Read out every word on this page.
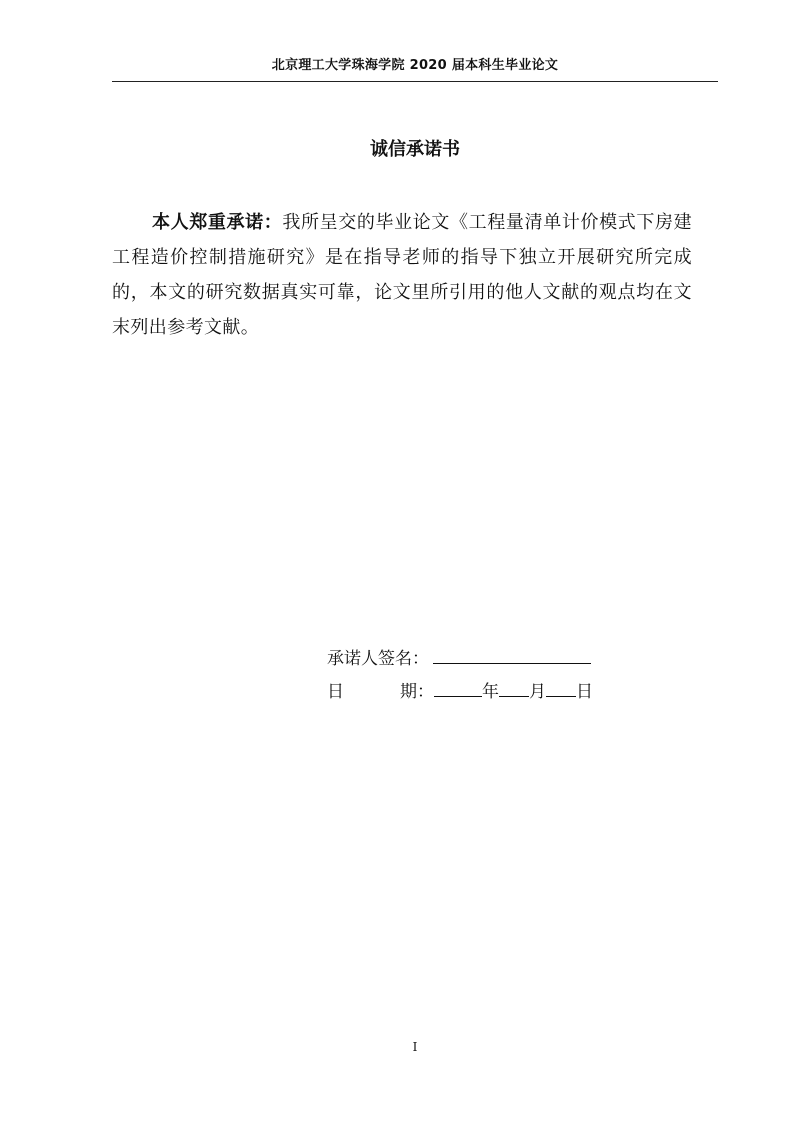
北京理工大学珠海学院 2020 届本科生毕业论文
诚信承诺书

本人郑重承诺：我所呈交的毕业论文《工程量清单计价模式下房建工程造价控制措施研究》是在指导老师的指导下独立开展研究所完成的，本文的研究数据真实可靠，论文里所引用的他人文献的观点均在文末列出参考文献。

承诺人签名：
日	期：	年 月 日
I
